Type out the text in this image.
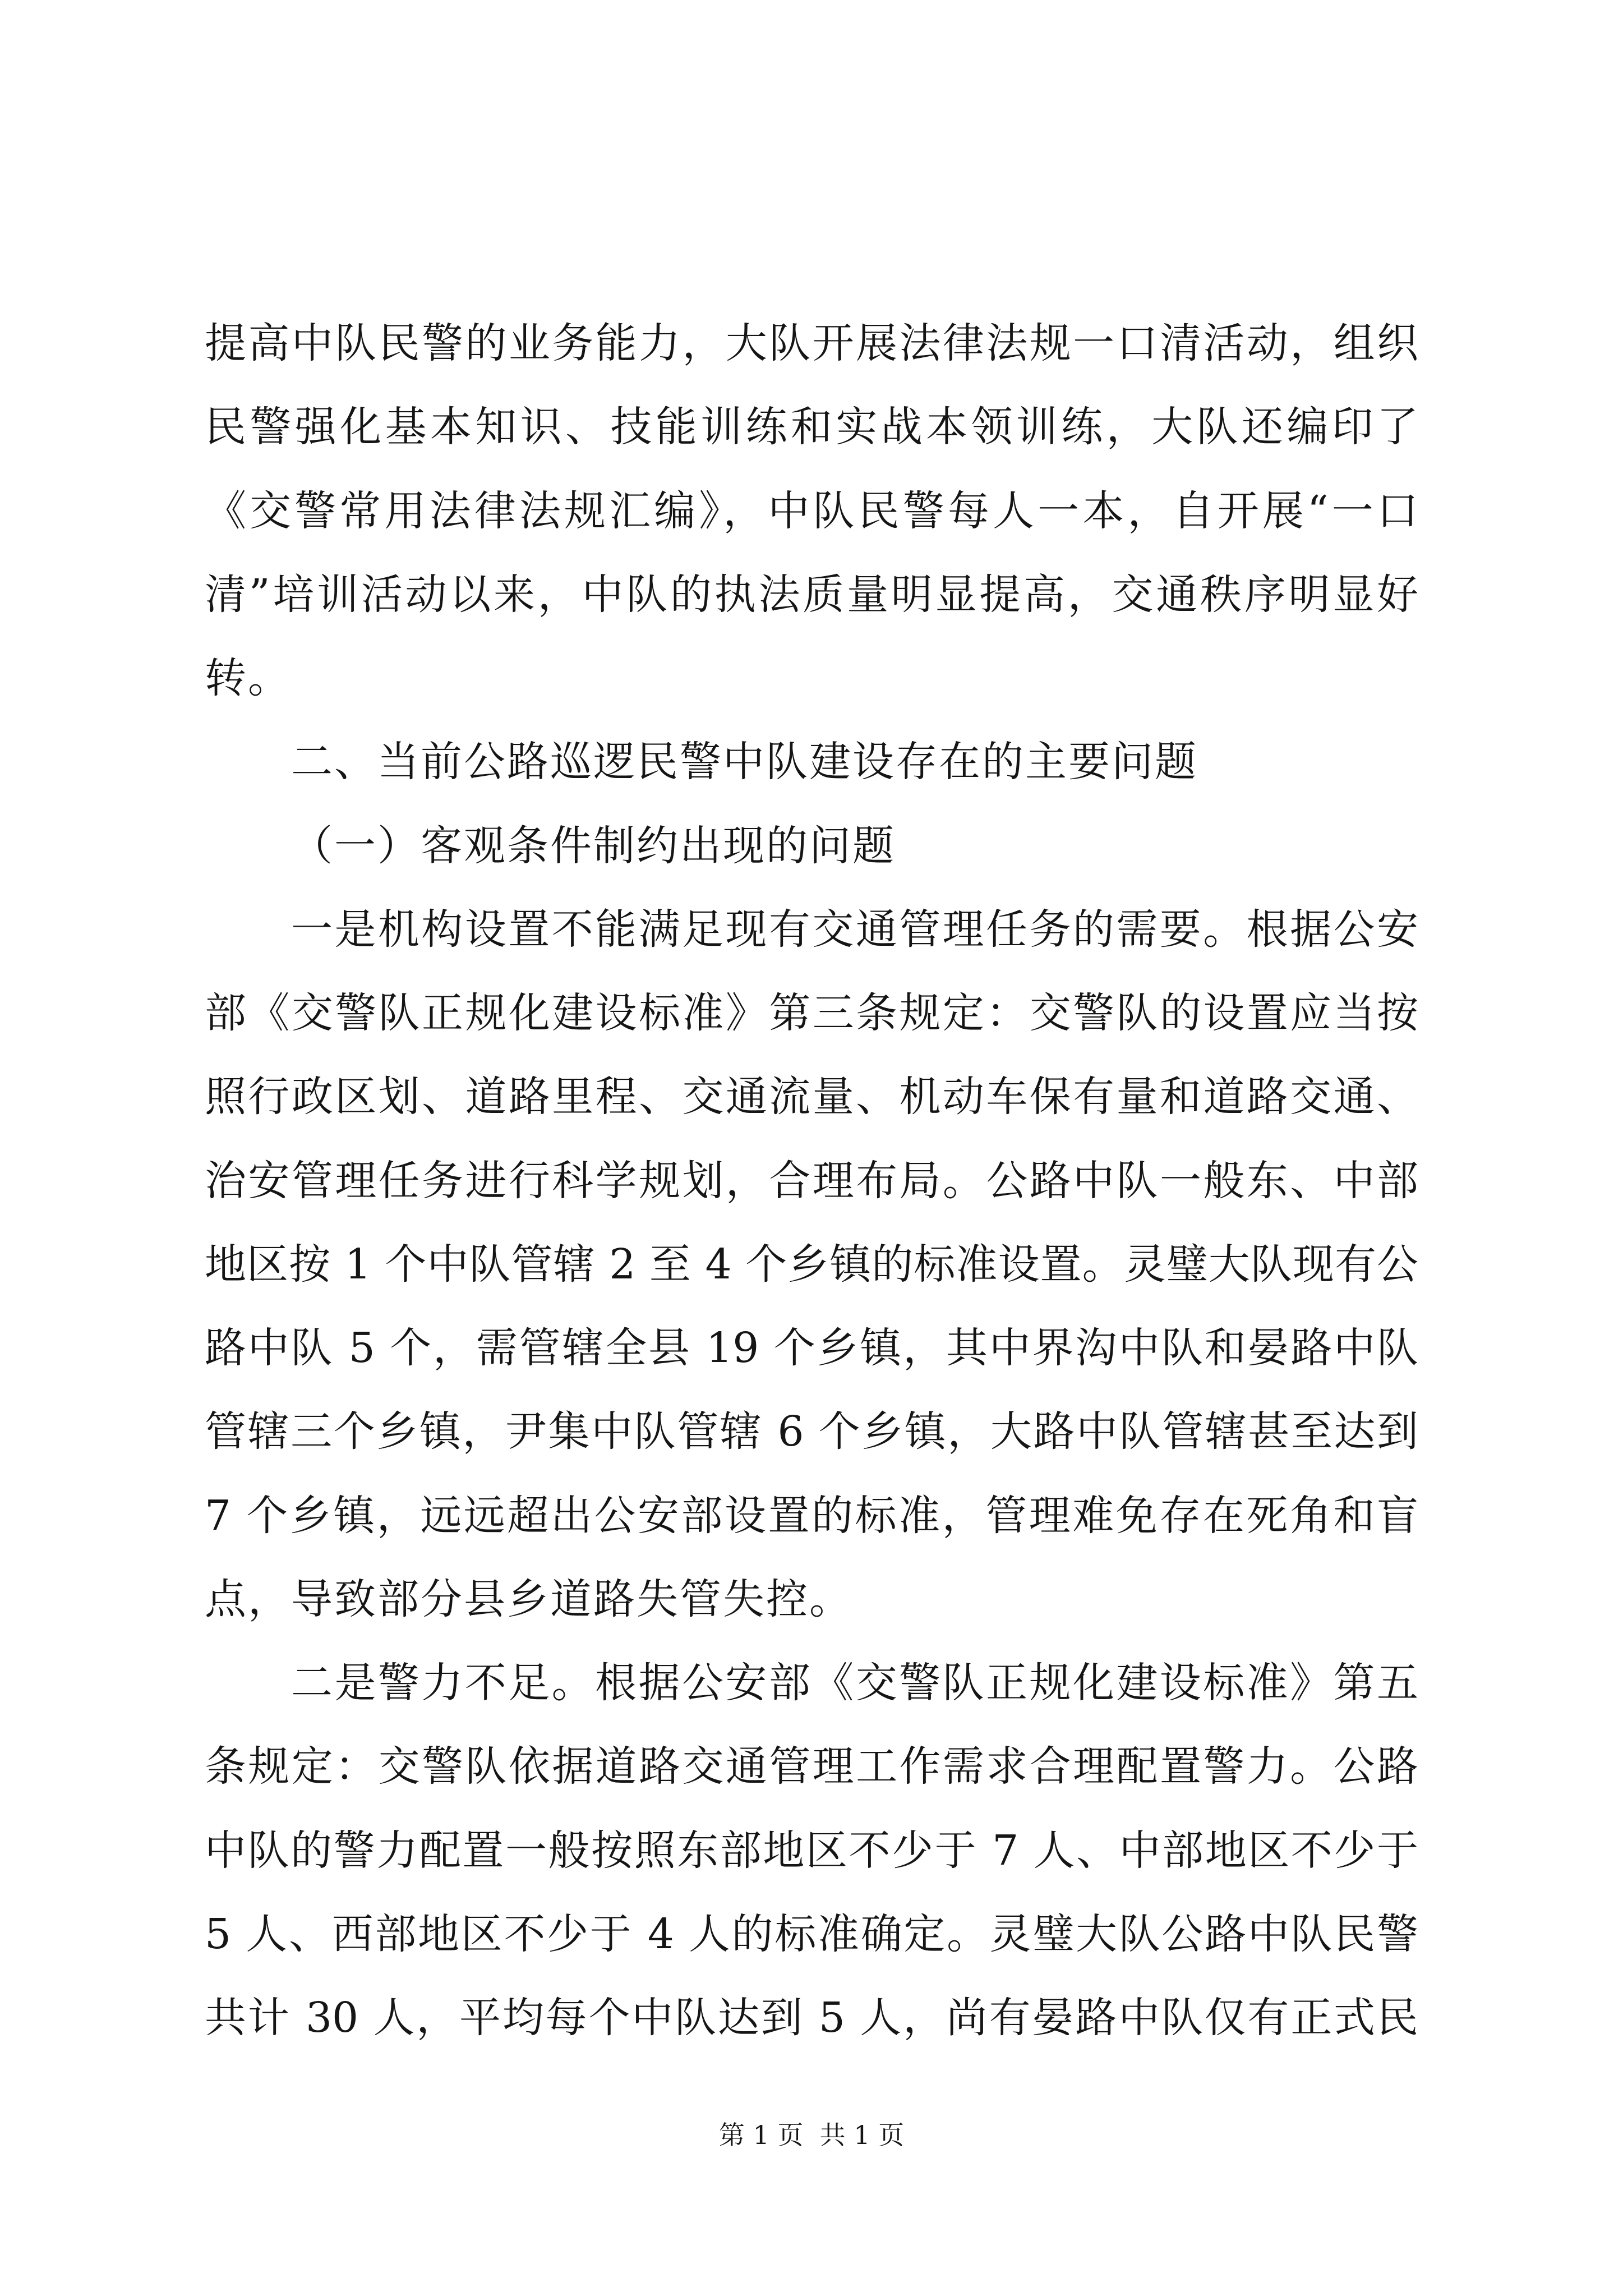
提高中队民警的业务能力，大队开展法律法规一口清活动，组织
民警强化基本知识、技能训练和实战本领训练，大队还编印了
《交警常用法律法规汇编》，中队民警每人一本，自开展“一口
清”培训活动以来，中队的执法质量明显提高，交通秩序明显好
转。
二、当前公路巡逻民警中队建设存在的主要问题
（一）客观条件制约出现的问题
一是机构设置不能满足现有交通管理任务的需要。根据公安
部《交警队正规化建设标准》第三条规定：交警队的设置应当按
照行政区划、道路里程、交通流量、机动车保有量和道路交通、
治安管理任务进行科学规划，合理布局。公路中队一般东、中部
地区按 1 个中队管辖 2 至 4 个乡镇的标准设置。灵璧大队现有公
路中队 5 个，需管辖全县 19 个乡镇，其中界沟中队和晏路中队
管辖三个乡镇，尹集中队管辖 6 个乡镇，大路中队管辖甚至达到
7 个乡镇，远远超出公安部设置的标准，管理难免存在死角和盲
点，导致部分县乡道路失管失控。
二是警力不足。根据公安部《交警队正规化建设标准》第五
条规定：交警队依据道路交通管理工作需求合理配置警力。公路
中队的警力配置一般按照东部地区不少于 7 人、中部地区不少于
5 人、西部地区不少于 4 人的标准确定。灵璧大队公路中队民警
共计 30 人，平均每个中队达到 5 人，尚有晏路中队仅有正式民
第 1 页  共 1 页
